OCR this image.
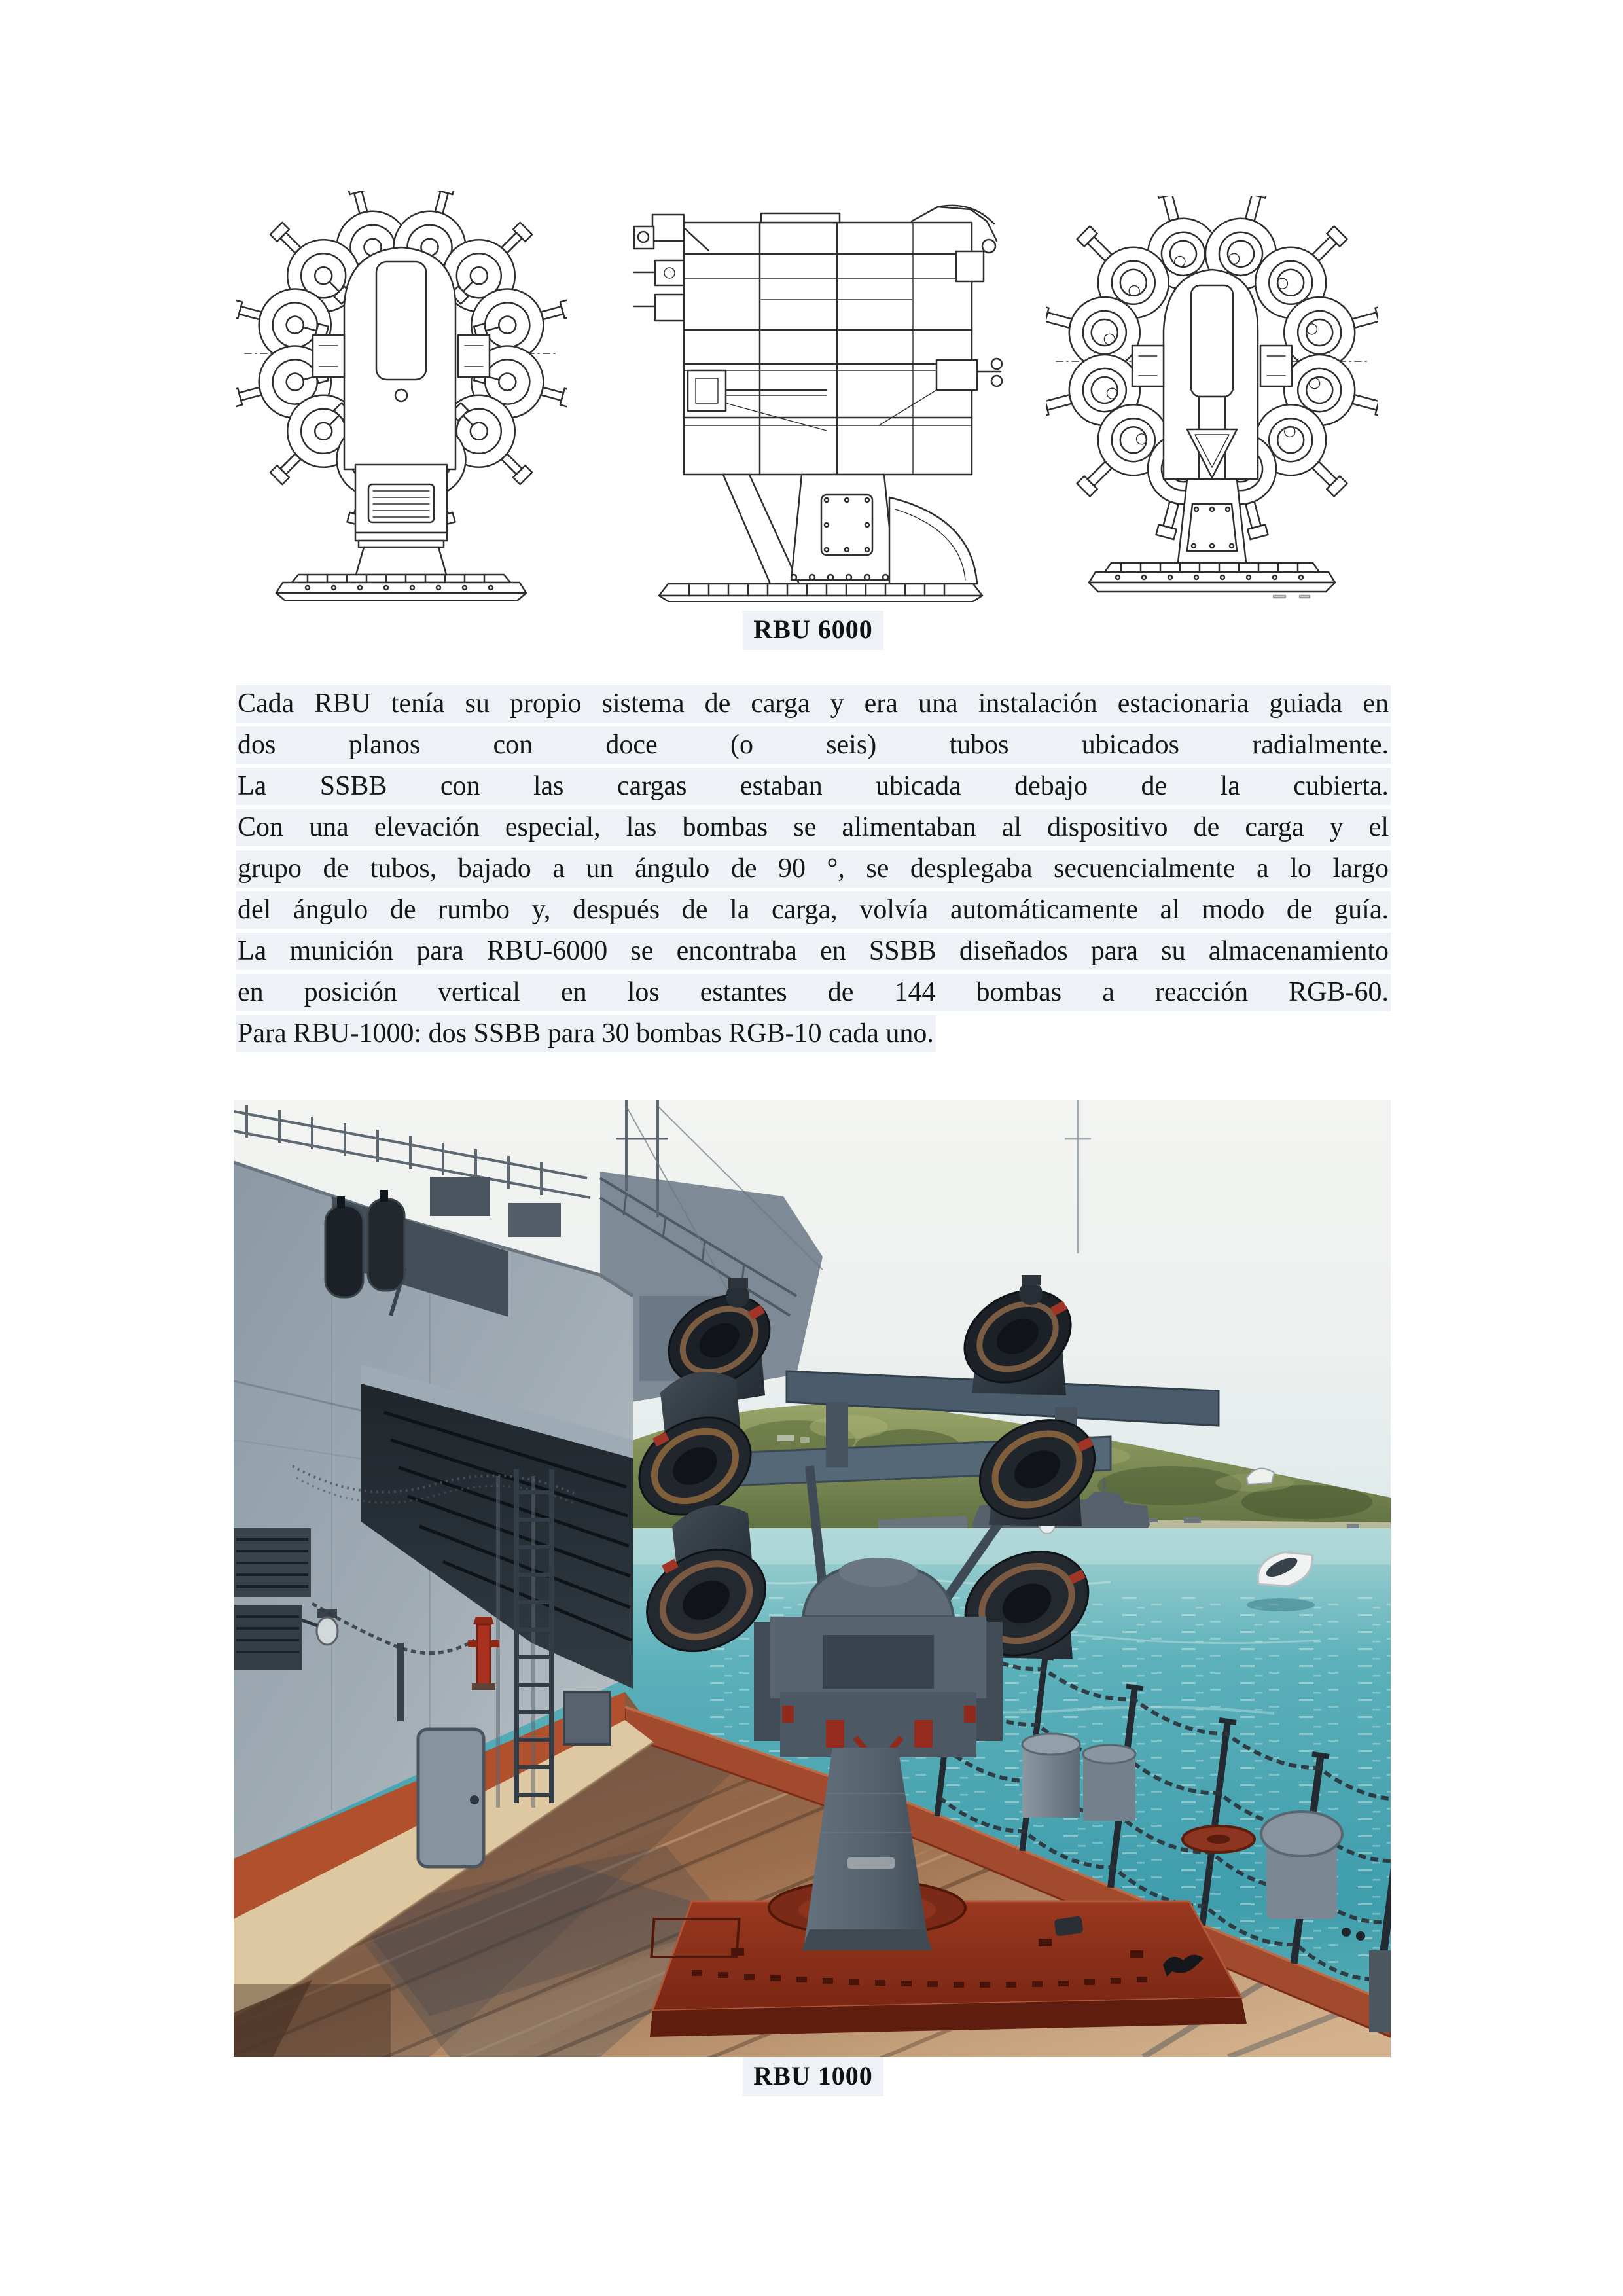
RBU 6000
Cada RBU tenía su propio sistema de carga y era una instalación estacionaria guiada en
dos planos con doce (o seis) tubos ubicados radialmente.
La SSBB con las cargas estaban ubicada debajo de la cubierta.
Con una elevación especial, las bombas se alimentaban al dispositivo de carga y el
grupo de tubos, bajado a un ángulo de 90 °, se desplegaba secuencialmente a lo largo
del ángulo de rumbo y, después de la carga, volvía automáticamente al modo de guía.
La munición para RBU-6000 se encontraba en SSBB diseñados para su almacenamiento
en posición vertical en los estantes de 144 bombas a reacción RGB-60.
Para RBU-1000: dos SSBB para 30 bombas RGB-10 cada uno.
RBU 1000
